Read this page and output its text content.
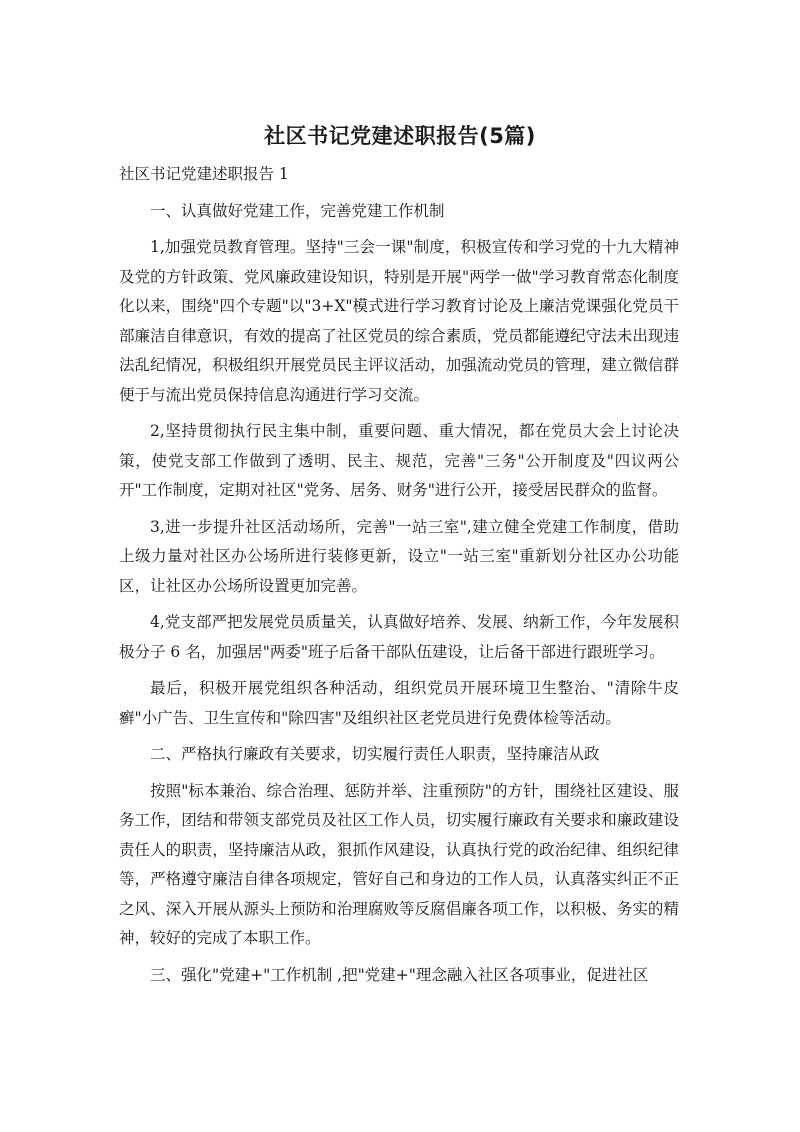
社区书记党建述职报告(5篇)

社区书记党建述职报告 1

一、认真做好党建工作，完善党建工作机制

1,加强党员教育管理。坚持"三会一课"制度，积极宣传和学习党的十九大精神及党的方针政策、党风廉政建设知识，特别是开展"两学一做"学习教育常态化制度化以来，围绕"四个专题"以"3+X"模式进行学习教育讨论及上廉洁党课强化党员干部廉洁自律意识，有效的提高了社区党员的综合素质，党员都能遵纪守法未出现违法乱纪情况，积极组织开展党员民主评议活动，加强流动党员的管理，建立微信群便于与流出党员保持信息沟通进行学习交流。

2,坚持贯彻执行民主集中制，重要问题、重大情况，都在党员大会上讨论决策，使党支部工作做到了透明、民主、规范，完善"三务"公开制度及"四议两公开"工作制度，定期对社区"党务、居务、财务"进行公开，接受居民群众的监督。

3,进一步提升社区活动场所，完善"一站三室",建立健全党建工作制度，借助上级力量对社区办公场所进行装修更新，设立"一站三室"重新划分社区办公功能区，让社区办公场所设置更加完善。

4,党支部严把发展党员质量关，认真做好培养、发展、纳新工作，今年发展积极分子 6 名，加强居"两委"班子后备干部队伍建设，让后备干部进行跟班学习。

最后，积极开展党组织各种活动，组织党员开展环境卫生整治、"清除牛皮癣"小广告、卫生宣传和"除四害"及组织社区老党员进行免费体检等活动。

二、严格执行廉政有关要求，切实履行责任人职责，坚持廉洁从政

按照"标本兼治、综合治理、惩防并举、注重预防"的方针，围绕社区建设、服务工作，团结和带领支部党员及社区工作人员，切实履行廉政有关要求和廉政建设责任人的职责，坚持廉洁从政，狠抓作风建设，认真执行党的政治纪律、组织纪律等，严格遵守廉洁自律各项规定，管好自己和身边的工作人员，认真落实纠正不正之风、深入开展从源头上预防和治理腐败等反腐倡廉各项工作，以积极、务实的精神，较好的完成了本职工作。

三、强化"党建+"工作机制 ,把"党建+"理念融入社区各项事业，促进社区
